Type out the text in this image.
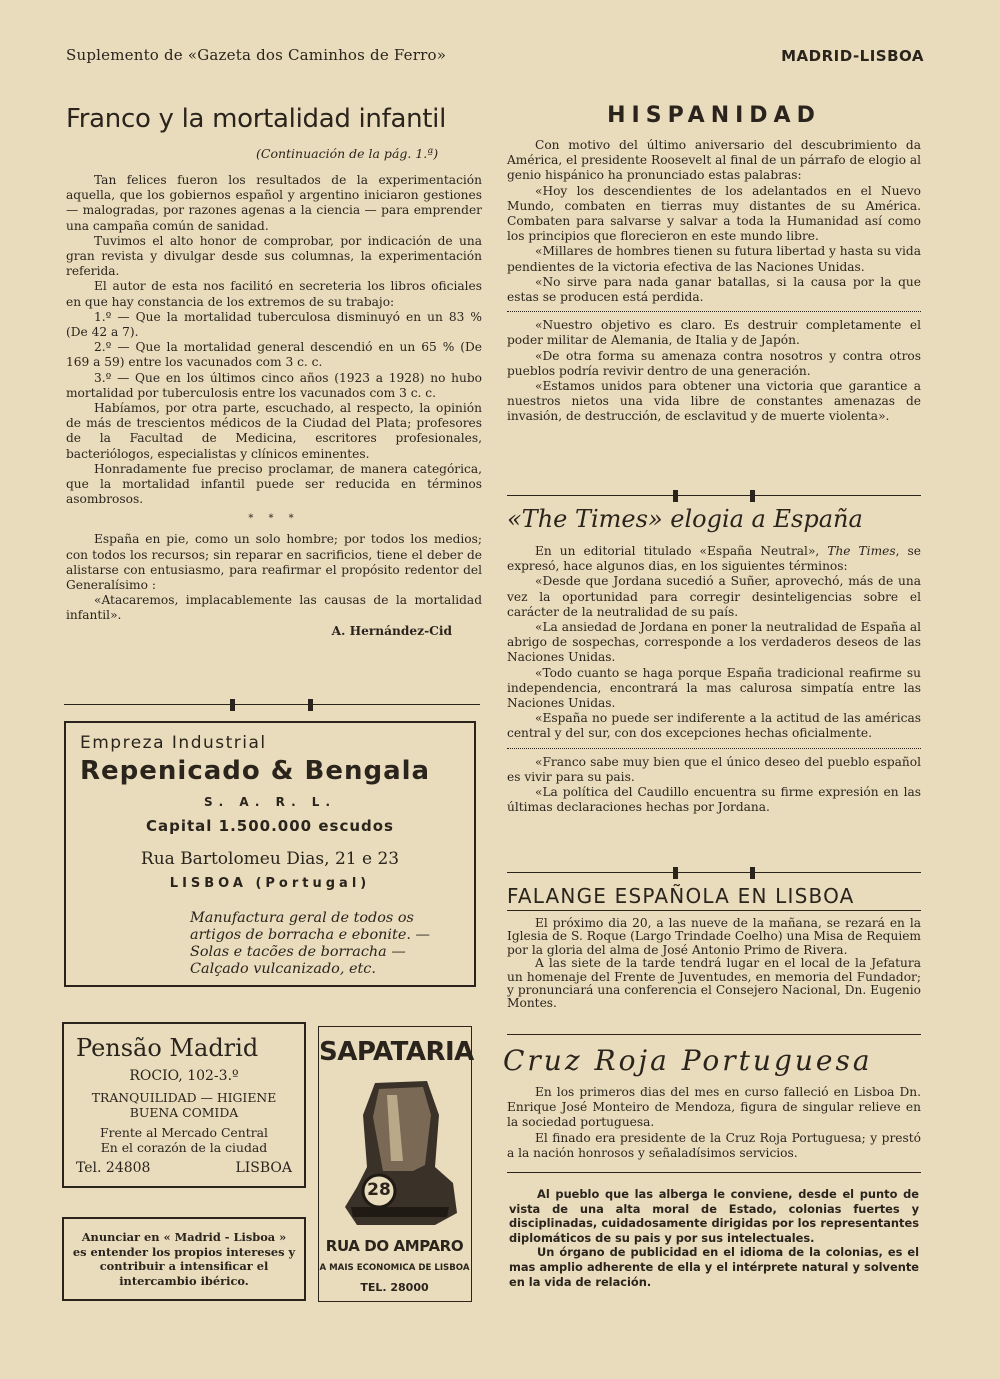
Suplemento de «Gazeta dos Caminhos de Ferro»	MADRID-LISBOA
Franco y la mortalidad infantil
(Continuación de la pág. 1.ª)

Tan felices fueron los resultados de la experimentación aquella, que los gobiernos español y argentino iniciaron gestiones — malogradas, por razones agenas a la ciencia — para emprender una campaña común de sanidad.

Tuvimos el alto honor de comprobar, por indicación de una gran revista y divulgar desde sus columnas, la experimentación referida.

El autor de esta nos facilitó en secreteria los libros oficiales en que hay constancia de los extremos de su trabajo:

1.º — Que la mortalidad tuberculosa disminuyó en un 83 % (De 42 a 7).

2.º — Que la mortalidad general descendió en un 65 % (De 169 a 59) entre los vacunados com 3 c. c.

3.º — Que en los últimos cinco años (1923 a 1928) no hubo mortalidad por tuberculosis entre los vacunados com 3 c. c.

Habíamos, por otra parte, escuchado, al respecto, la opinión de más de trescientos médicos de la Ciudad del Plata; profesores de la Facultad de Medicina, escritores profesionales, bacteriólogos, especialistas y clínicos eminentes.

Honradamente fue preciso proclamar, de manera categórica, que la mortalidad infantil puede ser reducida en términos asombrosos.

* * *

España en pie, como un solo hombre; por todos los medios; con todos los recursos; sin reparar en sacrificios, tiene el deber de alistarse con entusiasmo, para reafirmar el propósito redentor del Generalísimo :

«Atacaremos, implacablemente las causas de la mortalidad infantil».

A. Hernández-Cid
Empreza Industrial
Repenicado & Bengala
S. A. R. L.
Capital 1.500.000 escudos
Rua Bartolomeu Dias, 21 e 23
LISBOA (Portugal)
Manufactura geral de todos os
artigos de borracha e ebonite. —
Solas e tacões de borracha —
Calçado vulcanizado, etc.
Pensão Madrid
ROCIO, 102-3.º
TRANQUILIDAD — HIGIENE
BUENA COMIDA
Frente al Mercado Central
En el corazón de la ciudad
Tel. 24808	LISBOA
Anunciar en « Madrid - Lisboa »
es entender los propios intereses y contribuir a intensificar el intercambio ibérico.
SAPATARIA
28
RUA DO AMPARO
A MAIS ECONOMICA DE LISBOA
TEL. 28000
HISPANIDAD

Con motivo del último aniversario del descubrimiento da América, el presidente Roosevelt al final de un párrafo de elogio al genio hispánico ha pronunciado estas palabras:

«Hoy los descendientes de los adelantados en el Nuevo Mundo, combaten en tierras muy distantes de su América. Combaten para salvarse y salvar a toda la Humanidad así como los principios que florecieron en este mundo libre.

«Millares de hombres tienen su futura libertad y hasta su vida pendientes de la victoria efectiva de las Naciones Unidas.

«No sirve para nada ganar batallas, si la causa por la que estas se producen está perdida.

«Nuestro objetivo es claro. Es destruir completamente el poder militar de Alemania, de Italia y de Japón.

«De otra forma su amenaza contra nosotros y contra otros pueblos podría revivir dentro de una generación.

«Estamos unidos para obtener una victoria que garantice a nuestros nietos una vida libre de constantes amenazas de invasión, de destrucción, de esclavitud y de muerte violenta».

«The Times» elogia a España

En un editorial titulado «España Neutral», The Times, se expresó, hace algunos dias, en los siguientes términos:

«Desde que Jordana sucedió a Suñer, aprovechó, más de una vez la oportunidad para corregir desinteligencias sobre el carácter de la neutralidad de su país.

«La ansiedad de Jordana en poner la neutralidad de España al abrigo de sospechas, corresponde a los verdaderos deseos de las Naciones Unidas.

«Todo cuanto se haga porque España tradicional reafirme su independencia, encontrará la mas calurosa simpatía entre las Naciones Unidas.

«España no puede ser indiferente a la actitud de las américas central y del sur, con dos excepciones hechas oficialmente.

«Franco sabe muy bien que el único deseo del pueblo español es vivir para su pais.

«La política del Caudillo encuentra su firme expresión en las últimas declaraciones hechas por Jordana.

FALANGE ESPAÑOLA EN LISBOA

El próximo dia 20, a las nueve de la mañana, se rezará en la Iglesia de S. Roque (Largo Trindade Coelho) una Misa de Requiem por la gloria del alma de José Antonio Primo de Rivera.

A las siete de la tarde tendrá lugar en el local de la Jefatura un homenaje del Frente de Juventudes, en memoria del Fundador; y pronunciará una conferencia el Consejero Nacional, Dn. Eugenio Montes.

Cruz Roja Portuguesa

En los primeros dias del mes en curso falleció en Lisboa Dn. Enrique José Monteiro de Mendoza, figura de singular relieve en la sociedad portuguesa.

El finado era presidente de la Cruz Roja Portuguesa; y prestó a la nación honrosos y señaladísimos servicios.

Al pueblo que las alberga le conviene, desde el punto de vista de una alta moral de Estado, colonias fuertes y disciplinadas, cuidadosamente dirigidas por los representantes diplomáticos de su pais y por sus intelectuales.

Un órgano de publicidad en el idioma de la colonias, es el mas amplio adherente de ella y el intérprete natural y solvente en la vida de relación.
